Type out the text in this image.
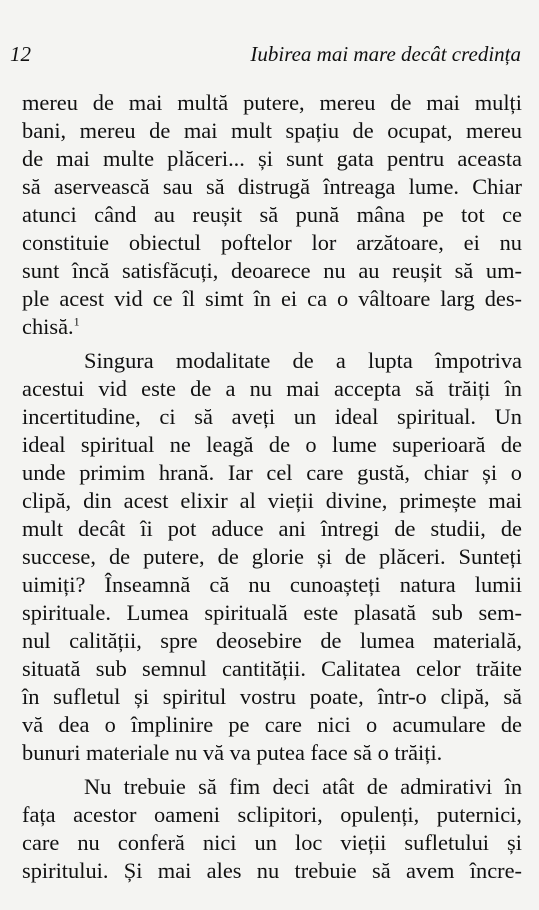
12	Iubirea mai mare decât credința
mereu de mai multă putere, mereu de mai mulți
bani, mereu de mai mult spațiu de ocupat, mereu
de mai multe plăceri... și sunt gata pentru aceasta
să aservească sau să distrugă întreaga lume. Chiar
atunci când au reușit să pună mâna pe tot ce
constituie obiectul poftelor lor arzătoare, ei nu
sunt încă satisfăcuți, deoarece nu au reușit să um-
ple acest vid ce îl simt în ei ca o vâltoare larg des-
chisă.$^1$
Singura modalitate de a lupta împotriva
acestui vid este de a nu mai accepta să trăiți în
incertitudine, ci să aveți un ideal spiritual. Un
ideal spiritual ne leagă de o lume superioară de
unde primim hrană. Iar cel care gustă, chiar și o
clipă, din acest elixir al vieții divine, primește mai
mult decât îi pot aduce ani întregi de studii, de
succese, de putere, de glorie și de plăceri. Sunteți
uimiți? Înseamnă că nu cunoașteți natura lumii
spirituale. Lumea spirituală este plasată sub sem-
nul calității, spre deosebire de lumea materială,
situată sub semnul cantității. Calitatea celor trăite
în sufletul și spiritul vostru poate, într-o clipă, să
vă dea o împlinire pe care nici o acumulare de
bunuri materiale nu vă va putea face să o trăiți.
Nu trebuie să fim deci atât de admirativi în
fața acestor oameni sclipitori, opulenți, puternici,
care nu conferă nici un loc vieții sufletului și
spiritului. Și mai ales nu trebuie să avem încre-
